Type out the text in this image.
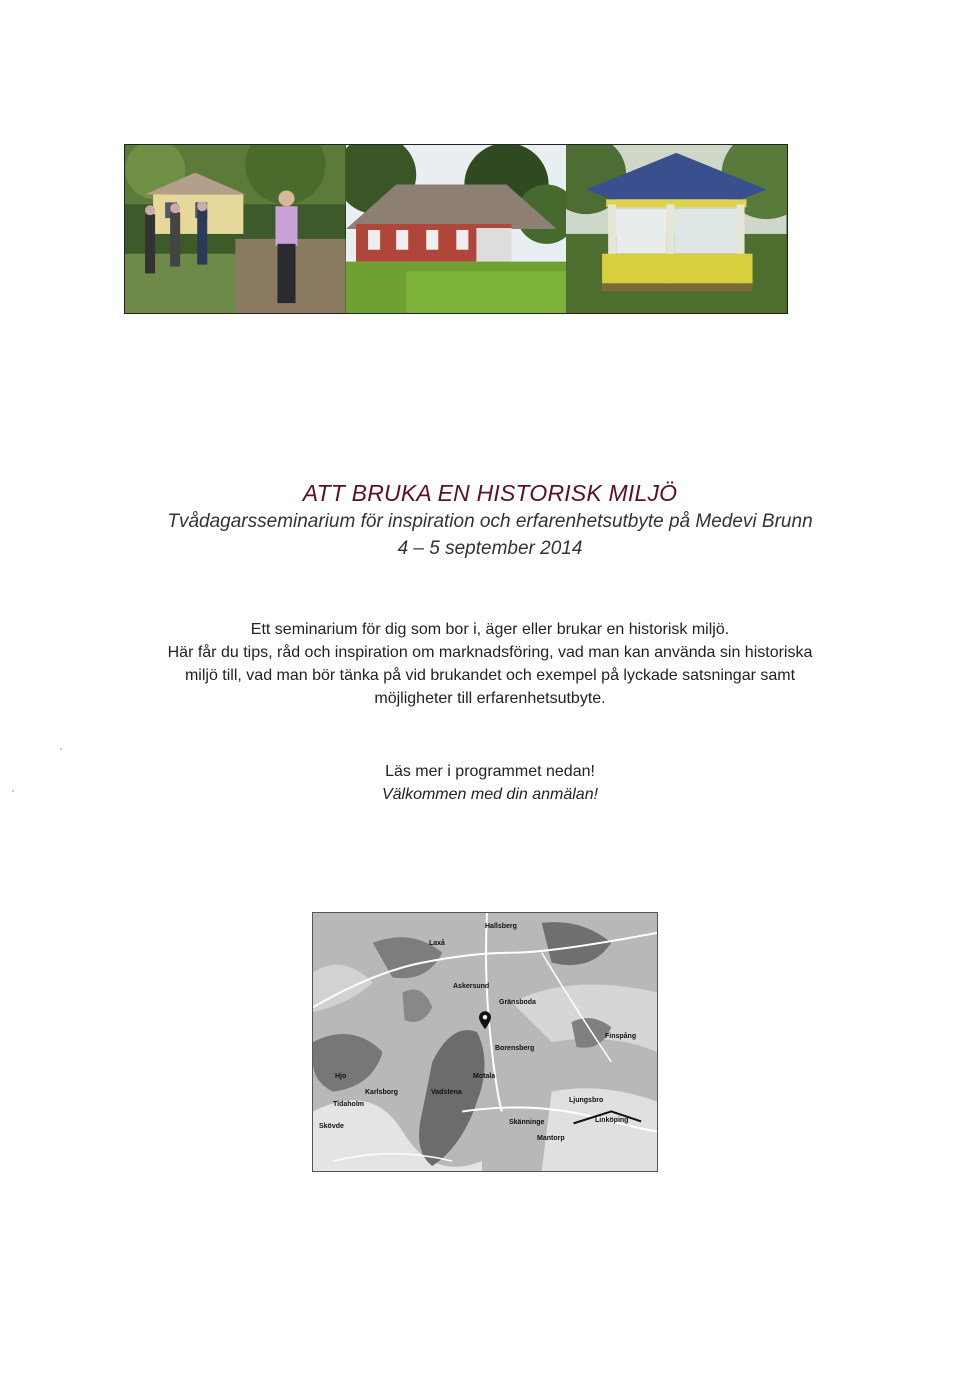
ATT BRUKA EN HISTORISK MILJÖ

Tvådagarsseminarium för inspiration och erfarenhetsutbyte på Medevi Brunn

4 – 5 september 2014

Ett seminarium för dig som bor i, äger eller brukar en historisk miljö.

Här får du tips, råd och inspiration om marknadsföring, vad man kan använda sin historiska

miljö till, vad man bör tänka på vid brukandet och exempel på lyckade satsningar samt

möjligheter till erfarenhetsutbyte.

Läs mer i programmet nedan!

Välkommen med din anmälan!

Hallsberg
Laxå
Askersund
Borensberg
Motala
Vadstena
Skänninge
Mantorp
Ljungsbro
Linköping
Finspång
Hjo
Karlsborg
Tidaholm
Skövde
Gränsboda
